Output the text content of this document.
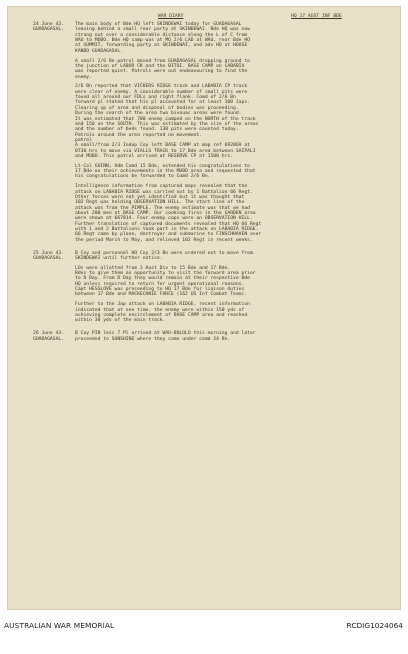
WAR DIARY	HQ 17 AUST INF BDE
24 June 43.
GUADAGASAL.

The main body of Bde HQ left SKINDEWAI today for GUADAGASAL
leaving behind a small rear party at SKINDEWAI. Bde HQ was now
strung out over a considerable distance along the L of C from
WAU to MUBO. Bde HQ camp was at MQ 2/6 LAD at WAU, rear Bde HQ
at GUMMIT, forwarding party at SKINDEWAI, and adv HQ at HOUSE
KANDO GUADAGASAL.

A small 2/6 Bn patrol moved from GUADAGASAL dropping ground to
the junction of LABOR CK and the BITOI. BASE CAMP on LABABIA
was reported quiet. Patrols were out endeavouring to find the
enemy.

2/6 Bn reported that VICKERS RIDGE track and LABABIA CP track
were clear of enemy. A considerable number of small pits were
found all around our FDLs and right flank. Comd of 2/6 Bn
forward pl stated that his pl accounted for at least 100 Japs.
Clearing up of area and disposal of bodies was proceeding.
During the search of the area two bivouac areas were found.
It was estimated that 700 enemy camped on the NORTH of the track
and 150 on the SOUTH. This was estimated by the size of the areas
and the number of beds found. 130 pits were counted today.
Patrols around the area reported no movement.
patrol
A small/from 2/3 Indep Coy left BASE CAMP at map ref 692869 at
0730 hrs to move via VIALLS TRACK to 17 Bde area between SAIPALI
and MUBO. This patrol arrived at RESERVE CP at 1500 hrs.

Lt-Col GUINN, Adm Comd 15 Bde, extended his congratulations to
17 Bde on their achievements in the MUBO area and requested that
his congratulations be forwarded to Comd 2/6 Bn.

Intelligence information from captured maps revealed that the
attack on LABABIA RIDGE was carried out by 1 Battalion 66 Regt.
Other forces were not yet identified but it was thought that
102 Regt was holding OBSERVATION HILL. The start line of the
attack was from the PIMPLE. The enemy estimate was that we had
about 200 men at BASE CAMP. Our cooking fires in the GARDEN area
were shown at 667814. Four enemy cops were on OBSERVATION HILL.
Further translation of captured documents revealed that HQ 66 Regt
with 1 and 2 Battalions took part in the attack on LABABIA RIDGE.
66 Regt came by plane, destroyer and submarine to FINSCHHAVEN over
the period March to May, and relieved 102 Regt in recent weeks.

25 June 43.
GUADAGASAL.

B Coy and personnel HQ Coy 2/3 Bn were ordered not to move from
SKINDEWAI until further notice.

LOs were allotted from 3 Aust Div to 15 Bde and 17 Bde.
Bdes to give them an opportunity to visit the forward area prior
to D Day. From D Day they would remain at their respective Bde
HQ unless required to return for urgent operational reasons.
Capt HESSLOVE was proceeding to HQ 17 Bde for liaison duties
between 17 Bde and MACKECHNIE FORCE (162 US Inf Combat Team).

Further to the Jap attack on LABABIA RIDGE, recent information
indicated that at one time, the enemy were within 150 yds of
achieving complete encirclement of BASE CAMP area and reached
within 30 yds of the main track.

26 June 43.
GUADAGASAL.

B Coy PIB less 7 Pl arrived at WAU-BULOLO this morning and later
proceeded to SUNSHINE where they came under comd 24 Bn.

AUSTRALIAN WAR MEMORIAL	RCDIG1024064
